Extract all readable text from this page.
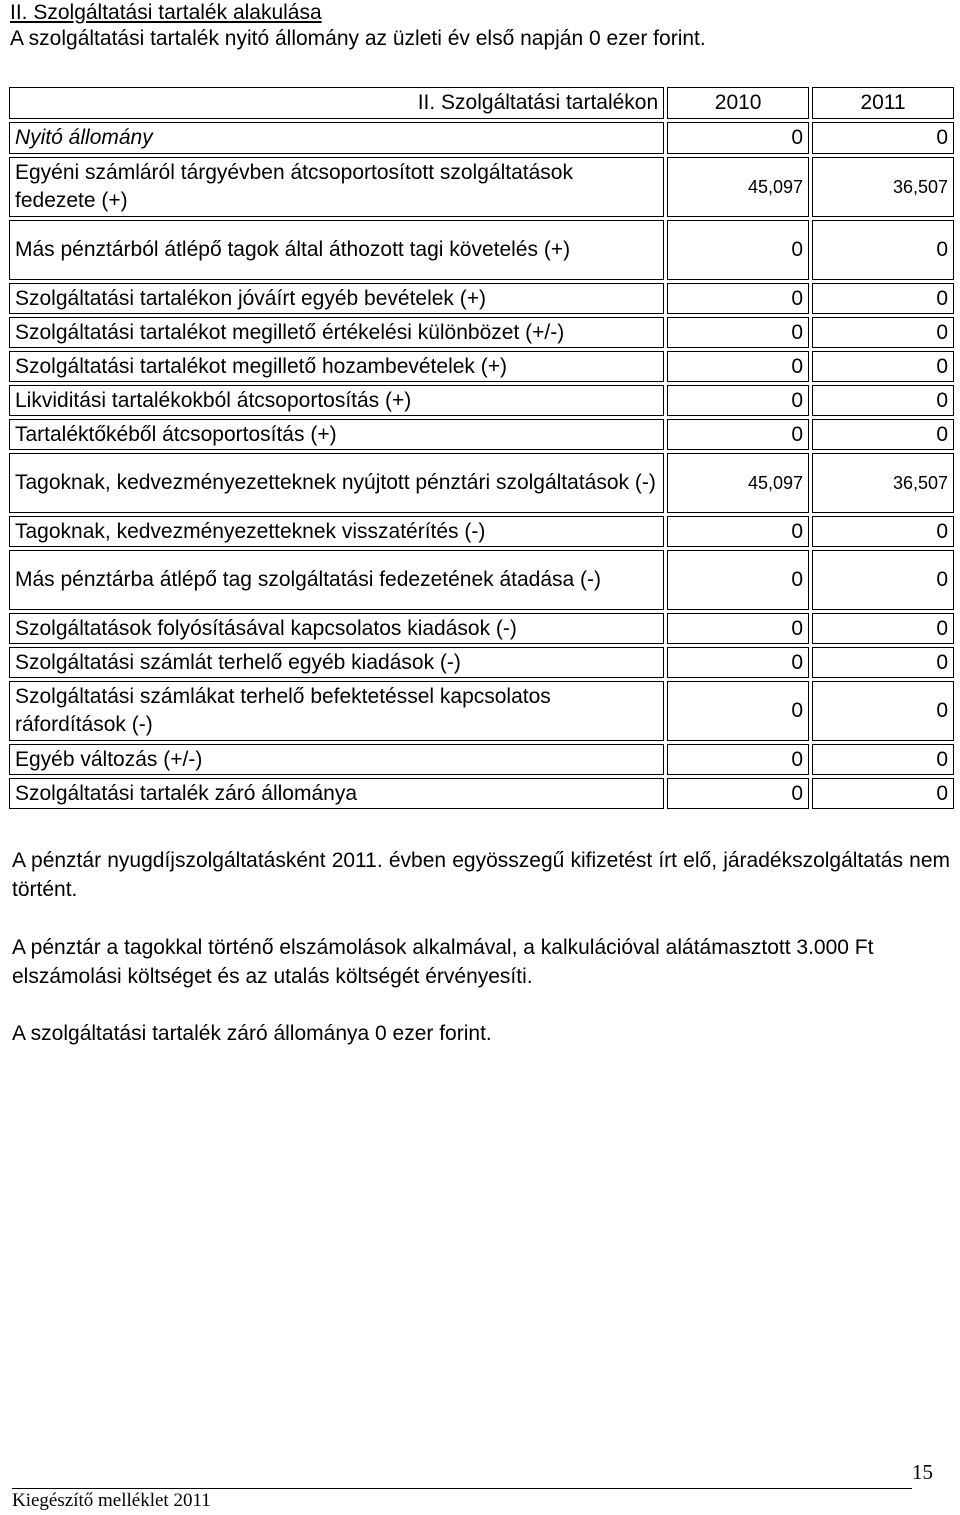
II. Szolgáltatási tartalék alakulása
A szolgáltatási tartalék nyitó állomány az üzleti év első napján 0 ezer forint.
II. Szolgáltatási tartalékon	2010	2011
Nyitó állomány	0	0
Egyéni számláról tárgyévben átcsoportosított szolgáltatások fedezete (+)	45,097	36,507
Más pénztárból átlépő tagok által áthozott tagi követelés (+)	0	0
Szolgáltatási tartalékon jóváírt egyéb bevételek (+)	0	0
Szolgáltatási tartalékot megillető értékelési különbözet (+/-)	0	0
Szolgáltatási tartalékot megillető hozambevételek (+)	0	0
Likviditási tartalékokból átcsoportosítás (+)	0	0
Tartaléktőkéből átcsoportosítás (+)	0	0
Tagoknak, kedvezményezetteknek nyújtott pénztári szolgáltatások (-)	45,097	36,507
Tagoknak, kedvezményezetteknek visszatérítés (-)	0	0
Más pénztárba átlépő tag szolgáltatási fedezetének átadása (-)	0	0
Szolgáltatások folyósításával kapcsolatos kiadások (-)	0	0
Szolgáltatási számlát terhelő egyéb kiadások (-)	0	0
Szolgáltatási számlákat terhelő befektetéssel kapcsolatos ráfordítások (-)	0	0
Egyéb változás (+/-)	0	0
Szolgáltatási tartalék záró állománya	0	0

A pénztár nyugdíjszolgáltatásként 2011. évben egyösszegű kifizetést írt elő, járadékszolgáltatás nem történt.

A pénztár a tagokkal történő elszámolások alkalmával, a kalkulációval alátámasztott 3.000 Ft elszámolási költséget és az utalás költségét érvényesíti.

A szolgáltatási tartalék záró állománya 0 ezer forint.

15
Kiegészítő melléklet 2011
